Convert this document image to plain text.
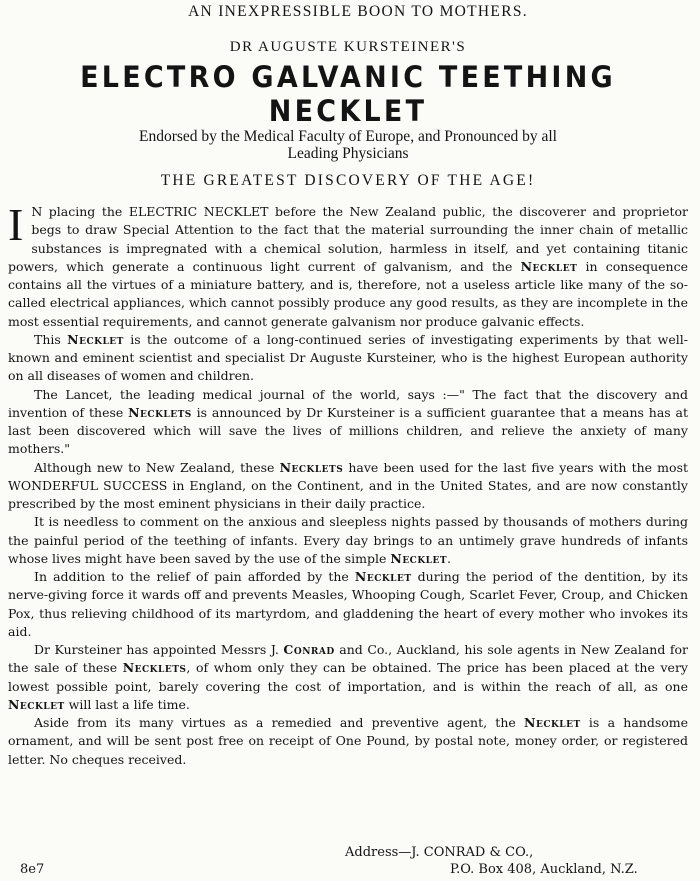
AN INEXPRESSIBLE BOON TO MOTHERS.
DR AUGUSTE KURSTEINER'S
ELECTRO GALVANIC TEETHING NECKLET
Endorsed by the Medical Faculty of Europe, and Pronounced by all
Leading Physicians
THE GREATEST DISCOVERY OF THE AGE!

I N placing the ELECTRIC NECKLET before the New Zealand public, the discoverer and proprietor begs to draw Special Attention to the fact that the material surrounding the inner chain of metallic substances is impregnated with a chemical solution, harmless in itself, and yet containing titanic powers, which generate a continuous light current of galvanism, and the Necklet in consequence contains all the virtues of a miniature battery, and is, therefore, not a useless article like many of the so-called electrical appliances, which cannot possibly produce any good results, as they are incomplete in the most essential requirements, and cannot generate galvanism nor produce galvanic effects.

This Necklet is the outcome of a long-continued series of investigating experiments by that well-known and eminent scientist and specialist Dr Auguste Kursteiner, who is the highest European authority on all diseases of women and children.

The Lancet, the leading medical journal of the world, says :—" The fact that the discovery and invention of these Necklets is announced by Dr Kursteiner is a sufficient guarantee that a means has at last been discovered which will save the lives of millions children, and relieve the anxiety of many mothers."

Although new to New Zealand, these Necklets have been used for the last five years with the most WONDERFUL SUCCESS in England, on the Continent, and in the United States, and are now constantly prescribed by the most eminent physicians in their daily practice.

It is needless to comment on the anxious and sleepless nights passed by thousands of mothers during the painful period of the teething of infants. Every day brings to an untimely grave hundreds of infants whose lives might have been saved by the use of the simple Necklet.

In addition to the relief of pain afforded by the Necklet during the period of the dentition, by its nerve-giving force it wards off and prevents Measles, Whooping Cough, Scarlet Fever, Croup, and Chicken Pox, thus relieving childhood of its martyrdom, and gladdening the heart of every mother who invokes its aid.

Dr Kursteiner has appointed Messrs J. Conrad and Co., Auckland, his sole agents in New Zealand for the sale of these Necklets, of whom only they can be obtained. The price has been placed at the very lowest possible point, barely covering the cost of importation, and is within the reach of all, as one Necklet will last a life time.

Aside from its many virtues as a remedied and preventive agent, the Necklet is a handsome ornament, and will be sent post free on receipt of One Pound, by postal note, money order, or registered letter. No cheques received.

Address—J. CONRAD & CO.,
8e7	P.O. Box 408, Auckland, N.Z.
